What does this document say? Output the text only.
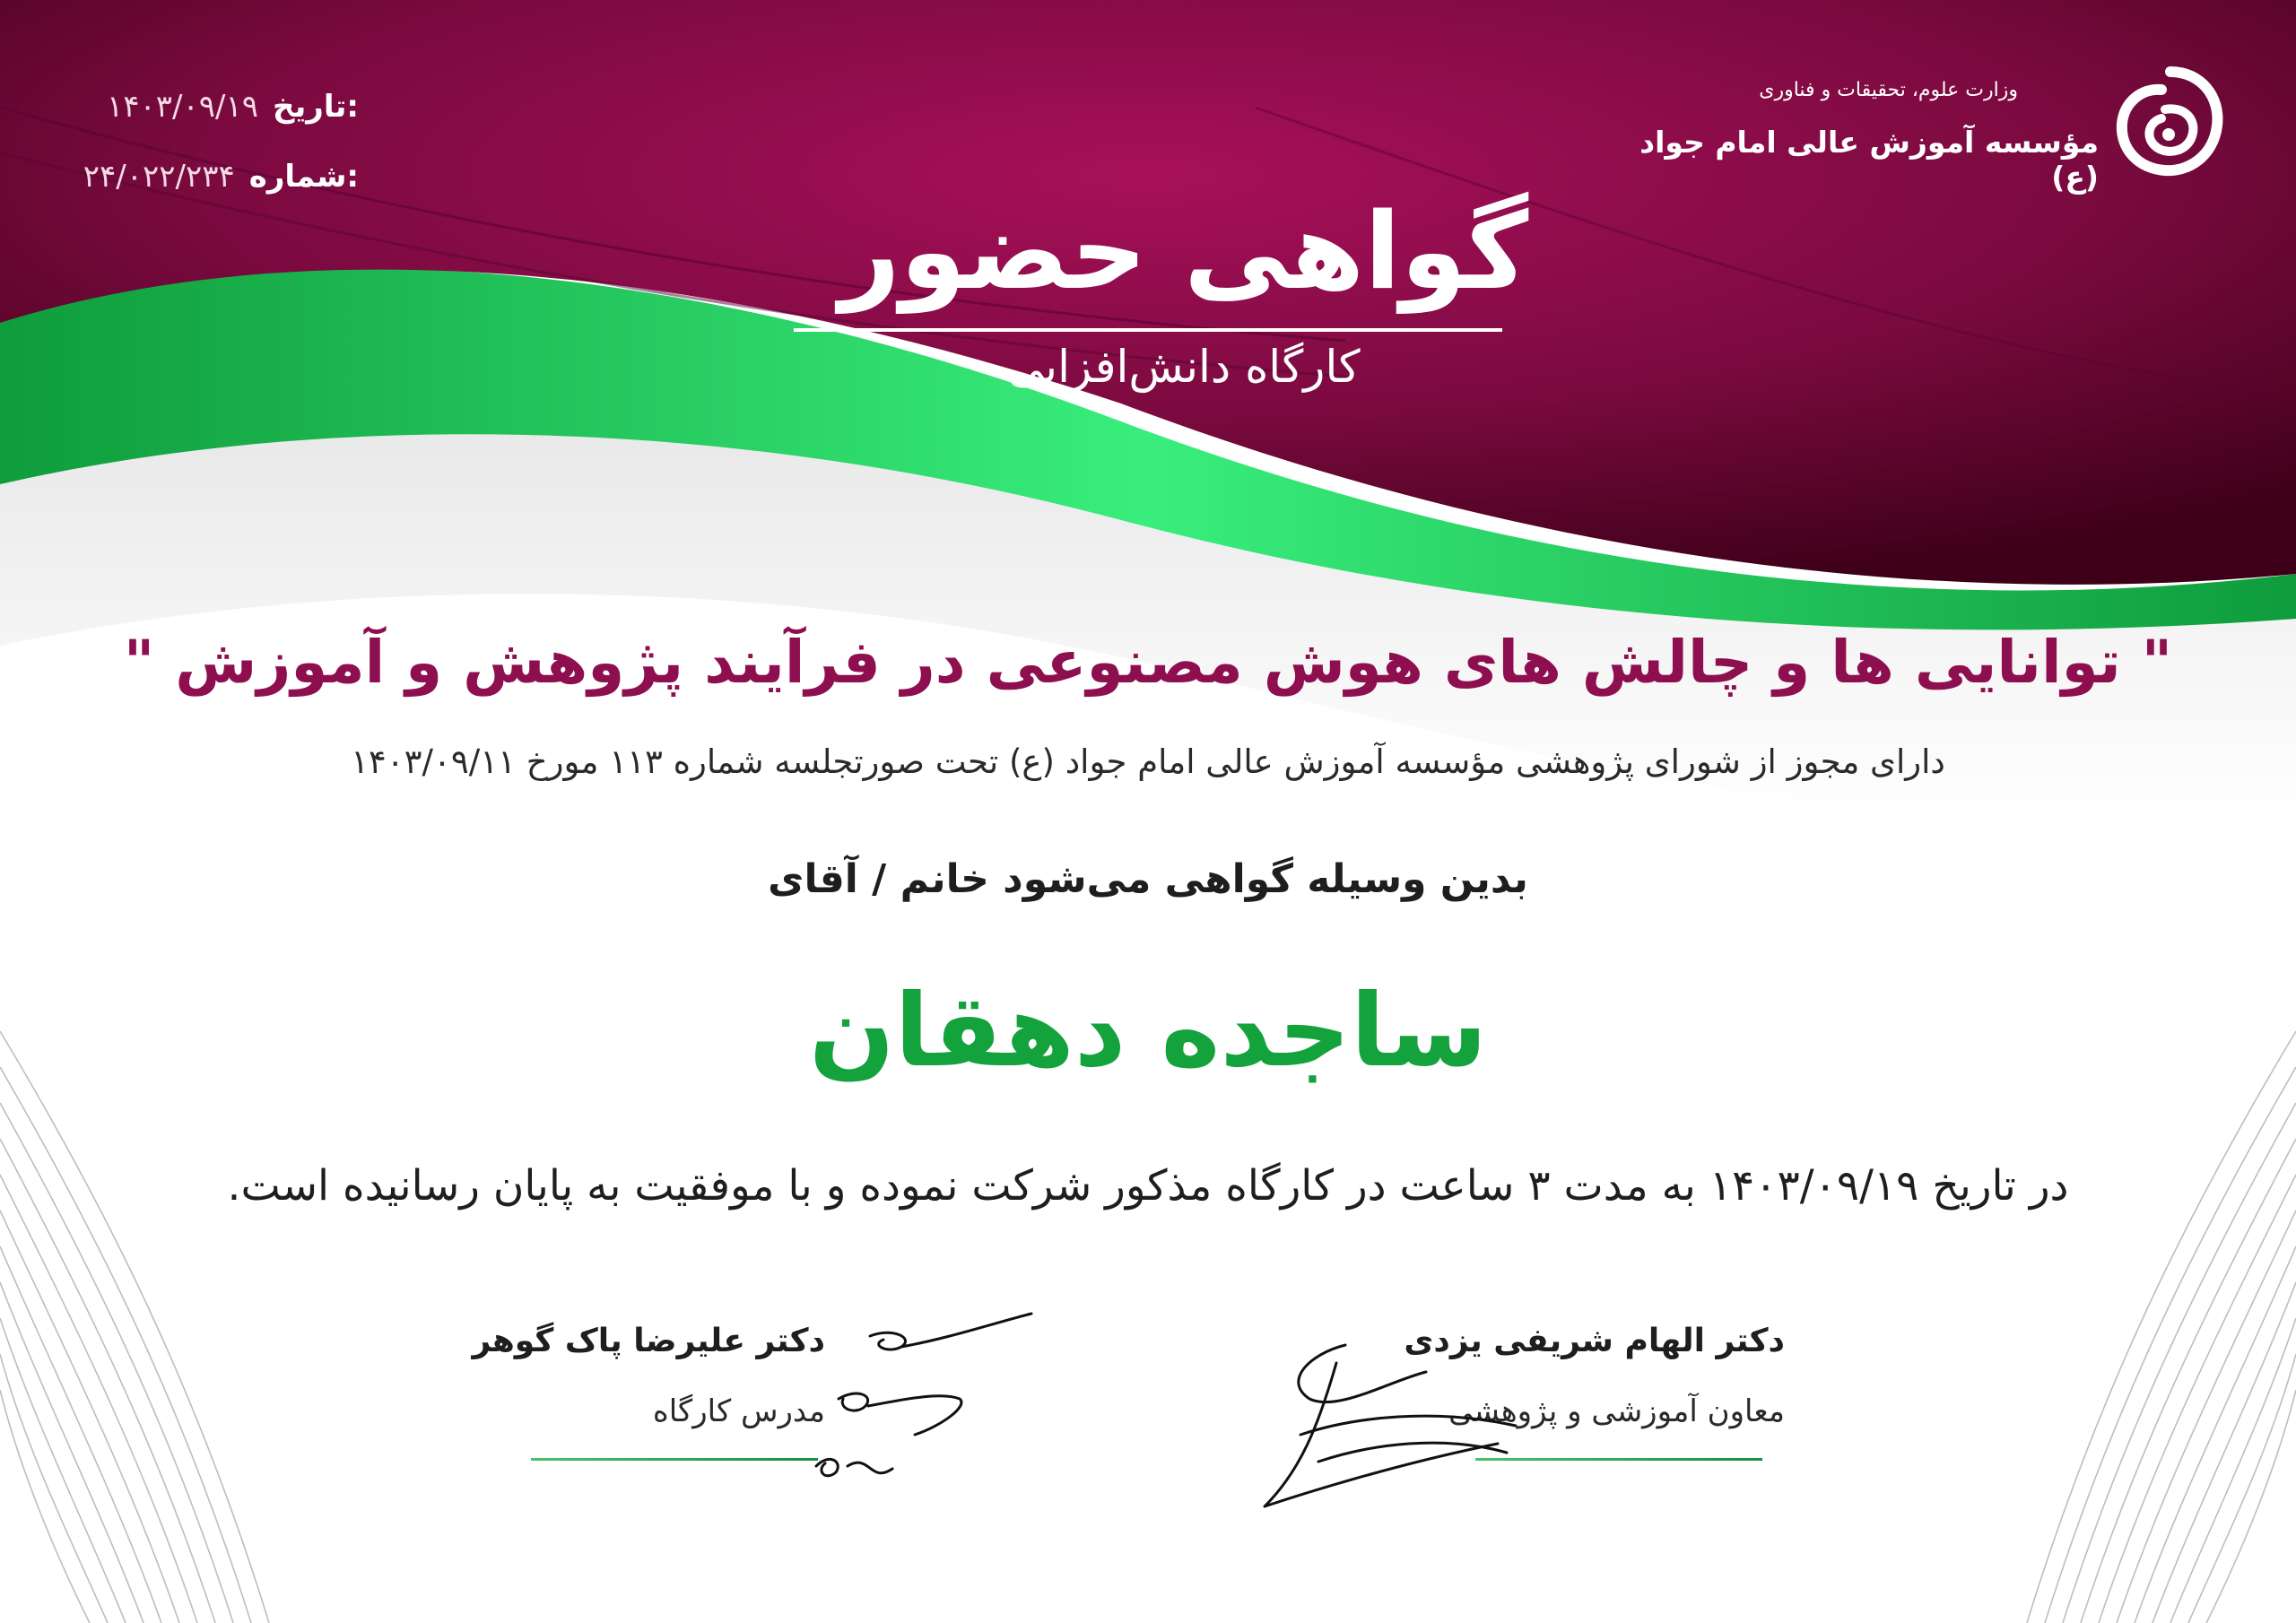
تاریخ:
۱۴۰۳/۰۹/۱۹
شماره:
۲۴/۰۲۲/۲۳۴
وزارت علوم، تحقیقات و فناوری
مؤسسه آموزش عالی امام جواد (ع)
گواهی حضور
کارگاه دانش‌افزایی
" توانایی ها و چالش های هوش مصنوعی در فرآیند پژوهش و آموزش "
دارای مجوز از شورای پژوهشی مؤسسه آموزش عالی امام جواد (ع) تحت صورتجلسه شماره ۱۱۳ مورخ ۱۴۰۳/۰۹/۱۱
بدین وسیله گواهی می‌شود خانم / آقای
ساجده دهقان
در تاریخ ۱۴۰۳/۰۹/۱۹ به مدت ۳ ساعت در کارگاه مذکور شرکت نموده و با موفقیت به پایان رسانیده است.
دکتر الهام شریفی یزدی
معاون آموزشی و پژوهشی
دکتر علیرضا پاک گوهر
مدرس کارگاه
